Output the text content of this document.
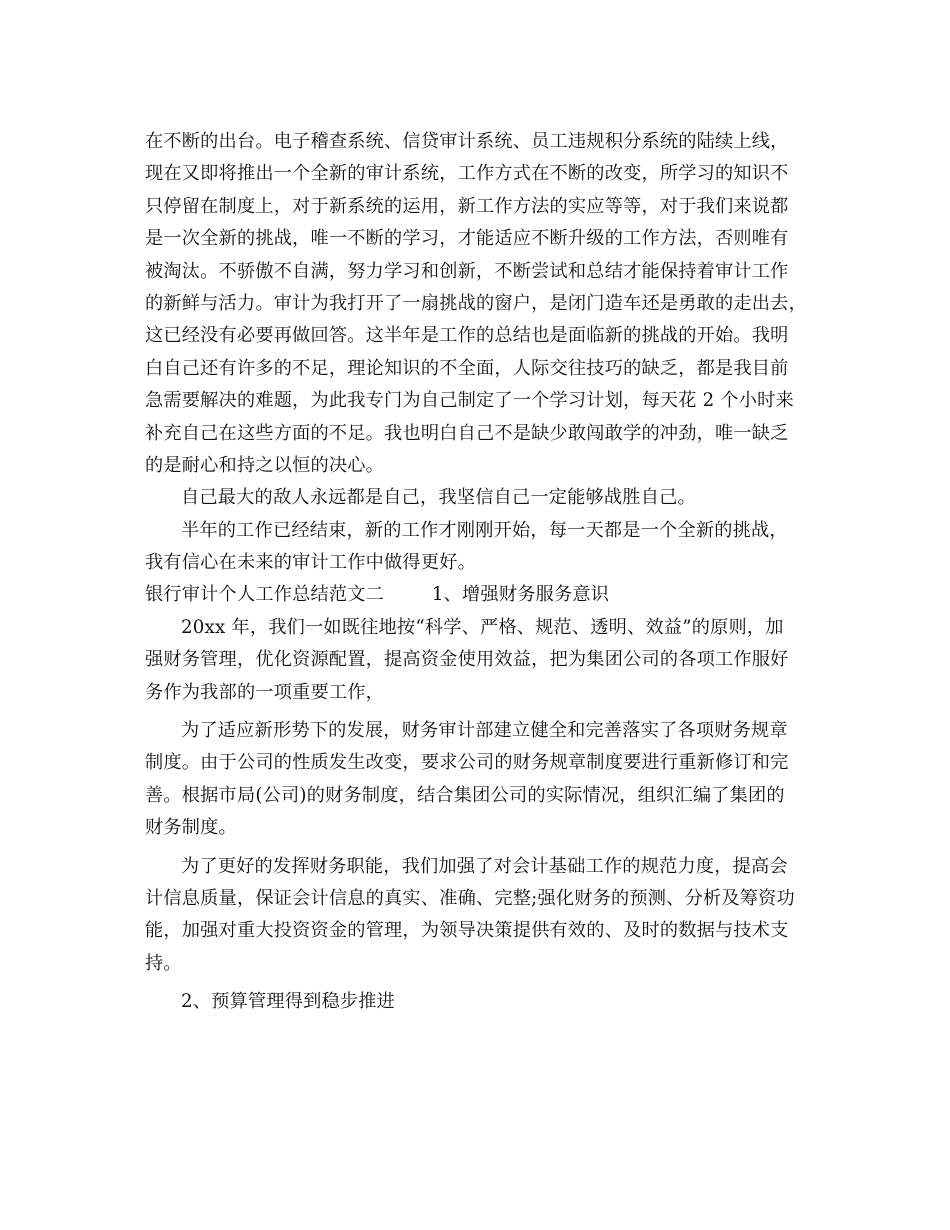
在不断的出台。电子稽查系统、信贷审计系统、员工违规积分系统的陆续上线，
现在又即将推出一个全新的审计系统，工作方式在不断的改变，所学习的知识不
只停留在制度上，对于新系统的运用，新工作方法的实应等等，对于我们来说都
是一次全新的挑战，唯一不断的学习，才能适应不断升级的工作方法，否则唯有
被淘汰。不骄傲不自满，努力学习和创新，不断尝试和总结才能保持着审计工作
的新鲜与活力。审计为我打开了一扇挑战的窗户，是闭门造车还是勇敢的走出去，
这已经没有必要再做回答。这半年是工作的总结也是面临新的挑战的开始。我明
白自己还有许多的不足，理论知识的不全面，人际交往技巧的缺乏，都是我目前
急需要解决的难题，为此我专门为自己制定了一个学习计划，每天花 2 个小时来
补充自己在这些方面的不足。我也明白自己不是缺少敢闯敢学的冲劲，唯一缺乏
的是耐心和持之以恒的决心。
自己最大的敌人永远都是自己，我坚信自己一定能够战胜自己。
半年的工作已经结束，新的工作才刚刚开始，每一天都是一个全新的挑战，
我有信心在未来的审计工作中做得更好。
银行审计个人工作总结范文二        1、增强财务服务意识
20xx 年，我们一如既往地按“科学、严格、规范、透明、效益”的原则，加
强财务管理，优化资源配置，提高资金使用效益，把为集团公司的各项工作服好
务作为我部的一项重要工作，
为了适应新形势下的发展，财务审计部建立健全和完善落实了各项财务规章
制度。由于公司的性质发生改变，要求公司的财务规章制度要进行重新修订和完
善。根据市局(公司)的财务制度，结合集团公司的实际情况，组织汇编了集团的
财务制度。
为了更好的发挥财务职能，我们加强了对会计基础工作的规范力度，提高会
计信息质量，保证会计信息的真实、准确、完整;强化财务的预测、分析及筹资功
能，加强对重大投资资金的管理，为领导决策提供有效的、及时的数据与技术支
持。
2、预算管理得到稳步推进
